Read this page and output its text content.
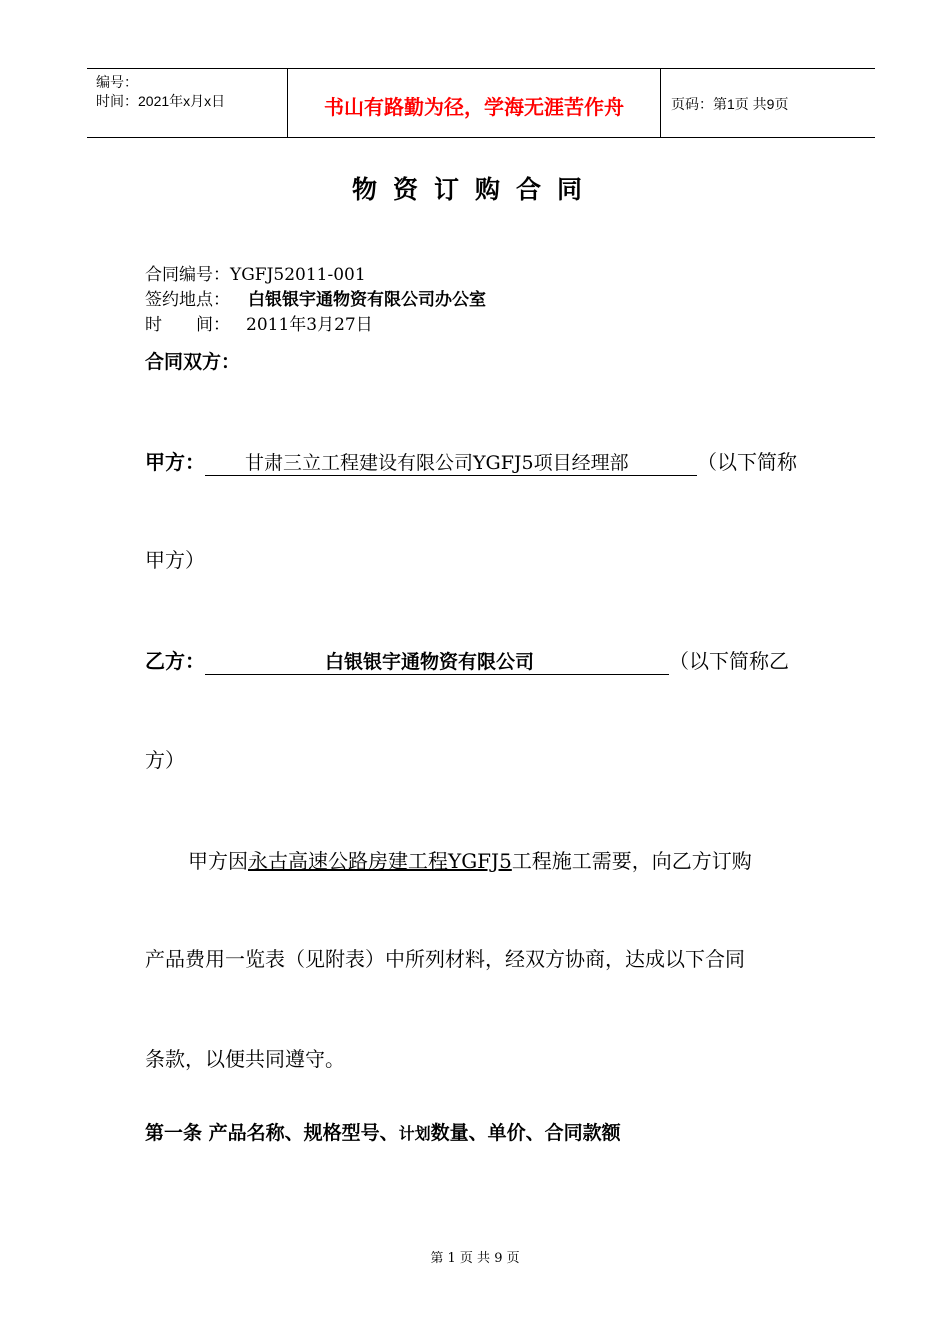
编号：
时间：2021年x月x日	书山有路勤为径，学海无涯苦作舟	页码：第1页 共9页
物资订购合同
合同编号：YGFJ52011-001
签约地点： 白银银宇通物资有限公司办公室
时　　间： 2011年3月27日
合同双方：
甲方： 甘肃三立工程建设有限公司YGFJ5项目经理部	（以下简称
甲方）
乙方：	白银银宇通物资有限公司	（以下简称乙
方）
甲方因永古高速公路房建工程YGFJ5工程施工需要，向乙方订购
产品费用一览表（见附表）中所列材料，经双方协商，达成以下合同
条款，以便共同遵守。
第一条 产品名称、规格型号、计划数量、单价、合同款额
第 1 页 共 9 页
